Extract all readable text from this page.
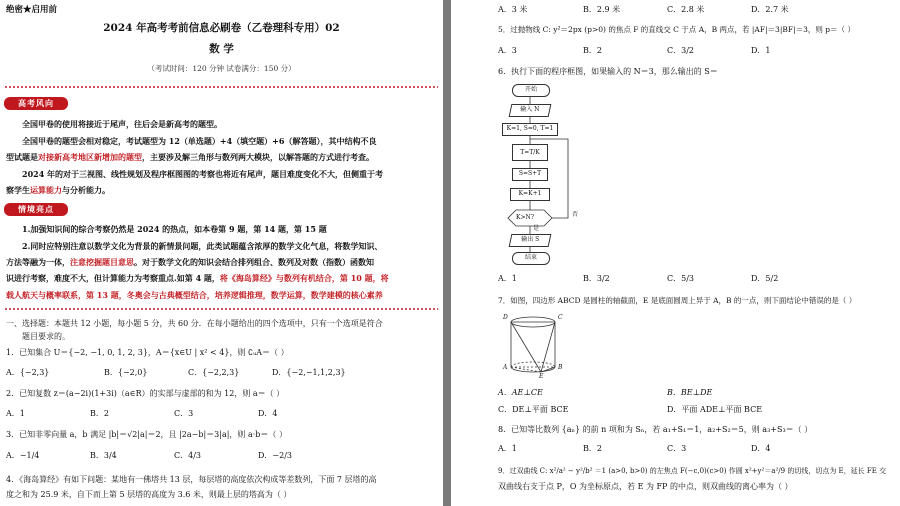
绝密★启用前
2024 年高考考前信息必刷卷（乙卷理科专用）02
数 学
（考试时间：120 分钟 试卷满分：150 分）
高考风向
全国甲卷的使用将接近于尾声，往后会是新高考的题型。
全国甲卷的题型会相对稳定，考试题型为 12（单选题）+4（填空题）+6（解答题），其中结构不良
型试题是对接新高考地区新增加的题型，主要涉及解三角形与数列两大模块，以解答题的方式进行考查。
2024 年的对于三视图、线性规划及程序框图图的考察也将近有尾声，题目难度变化不大，但侧重于考
察学生运算能力与分析能力。
情境亮点
1.加强知识间的综合考察仍然是 2024 的热点，如本卷第 9 题，第 14 题，第 15 题
2.同时应特别注意以数学文化为背景的新情景问题，此类试题蕴含浓厚的数学文化气息，将数学知识、
方法等融为一体，注意挖掘题目意思。对于数学文化的知识会结合排列组合、数列及对数（指数）函数知
识进行考察，难度不大，但计算能力为考察重点.如第 4 题，将《海岛算经》与数列有机结合，第 10 题，将
载人航天与概率联系，第 13 题，冬奥会与古典概型结合，培养逻辑推理，数学运算，数学建模的核心素养
一、选择题：本题共 12 小题，每小题 5 分，共 60 分．在每小题给出的四个选项中，只有一个选项是符合
题目要求的。
1．已知集合 U＝{−2, −1, 0, 1, 2, 3}，A＝{x∈U | x² < 4}，则 ∁ᵤA＝（ ）
A．{−2,3}	B．{−2,0}	C．{−2,2,3}	D．{−2,−1,1,2,3}
2．已知复数 z＝(a−2i)(1+3i)（a∈R）的实部与虚部的和为 12，则 a＝（ ）
A．1	B．2	C．3	D．4
3．已知非零向量 a，b 满足 |b|＝√2|a|＝2，且 |2a−b|＝3|a|，则 a·b＝（ ）
A．−1/4	B．3/4	C．4/3	D．−2/3
4．《海岛算经》有如下问题：某地有一佛塔共 13 层，每层塔的高度依次构成等差数列，下面 7 层塔的高
度之和为 25.9 米，自下而上第 5 层塔的高度为 3.6 米，则最上层的塔高为（ ）
A．3 米	B．2.9 米	C．2.8 米	D．2.7 米
5．过抛物线 C: y²＝2px (p>0) 的焦点 F 的直线交 C 于点 A，B 两点，若 |AF|＝3|BF|＝3，则 p＝（ ）
A．3	B．2	C．3/2	D．1
6．执行下面的程序框图，如果输入的 N＝3，那么输出的 S＝
开始
输入 N
K=1, S=0, T=1
T=T/K
S=S+T
K=K+1
K>N?	否
是
输出 S
结束
A．1	B．3/2	C．5/3	D．5/2
7．如图，四边形 ABCD 是圆柱的轴截面，E 是底面圆周上异于 A，B 的一点，则下面结论中错误的是（ ）
D	C
A	B
E
A．AE⊥CE	B．BE⊥DE
C．DE⊥平面 BCE	D．平面 ADE⊥平面 BCE
8．已知等比数列 {aₙ} 的前 n 项和为 Sₙ，若 a₁+S₁＝1，a₂+S₂＝5，则 a₃+S₃＝（ ）
A．1	B．2	C．3	D．4
9．过双曲线 C: x²/a² − y²/b² ＝1 (a>0, b>0) 的左焦点 F(−c,0)(c>0) 作圆 x²+y²＝a²/9 的切线，切点为 E，延长 FE 交
双曲线右支于点 P，O 为坐标原点，若 E 为 FP 的中点，则双曲线的离心率为（ ）
